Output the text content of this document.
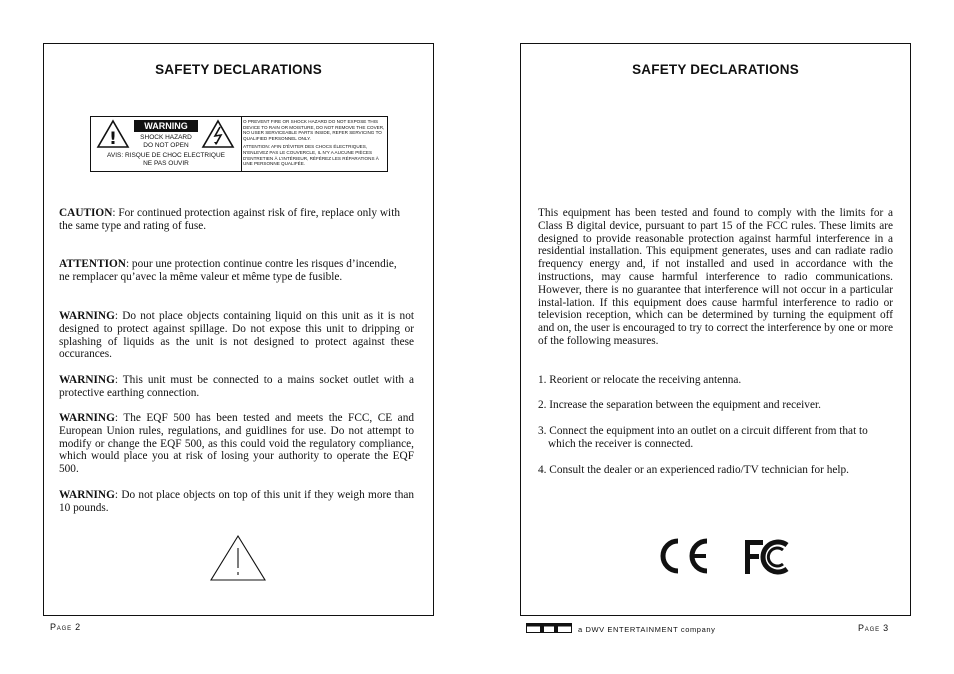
SAFETY DECLARATIONS
!
WARNING
SHOCK HAZARD
DO NOT OPEN
AVIS: RISQUE DE CHOC ELECTRIQUE
NE PAS OUVIR
O PREVENT FIRE OR SHOCK HAZARD DO NOT EXPOSE THIS DEVICE TO RAIN OR MOISTURE, DO NOT REMOVE THE COVER, NO USER SERVICEABLE PARTS INSIDE, REFER SERVICING TO QUALIFIED PERSONNEL ONLY.
ATTENTION: AFIN D'ÉVITER DES CHOCS ÉLECTRIQUES, N'ENLEVEZ PAS LE COUVERCLE, IL N'Y A AUCUNE PIÈCES D'ENTRETIEN À L'INTÉRIEUR, RÉFÉREZ LES RÉPARATIONS À UNE PERSONNE QUALIFÉE.
CAUTION: For continued protection against risk of fire, replace only with the same type and rating of fuse.
ATTENTION: pour une protection continue contre les risques d’incendie, ne remplacer qu’avec la même valeur et même type de fusible.
WARNING: Do not place objects containing liquid on this unit as it is not designed to protect against spillage. Do not expose this unit to dripping or splashing of liquids as the unit is not designed to protect against these occurances.
WARNING: This unit must be connected to a mains socket outlet with a protective earthing connection.
WARNING: The EQF 500 has been tested and meets the FCC, CE and European Union rules, regulations, and guidlines for use. Do not attempt to modify or change the EQF 500, as this could void the regulatory compliance, which would place you at risk of losing your authority to operate the EQF 500.
WARNING: Do not place objects on top of this unit if they weigh more than 10 pounds.
SAFETY DECLARATIONS
This equipment has been tested and found to comply with the limits for a Class B digital device, pursuant to part 15 of the FCC rules. These limits are designed to provide reasonable protection against harmful interference in a residential installation. This equipment generates, uses and can radiate radio frequency energy and, if not installed and used in accordance with the instructions, may cause harmful interference to radio communications. However, there is no guarantee that interference will not occur in a particular instal-lation. If this equipment does cause harmful interference to radio or television reception, which can be determined by turning the equipment off and on, the user is encouraged to try to correct the interference by one or more of the following measures.
1. Reorient or relocate the receiving antenna.
2. Increase the separation between the equipment and receiver.
3. Connect the equipment into an outlet on a circuit different from that to which the receiver is connected.
4. Consult the dealer or an experienced radio/TV technician for help.
Page 2	a DWV ENTERTAINMENT company	Page 3
